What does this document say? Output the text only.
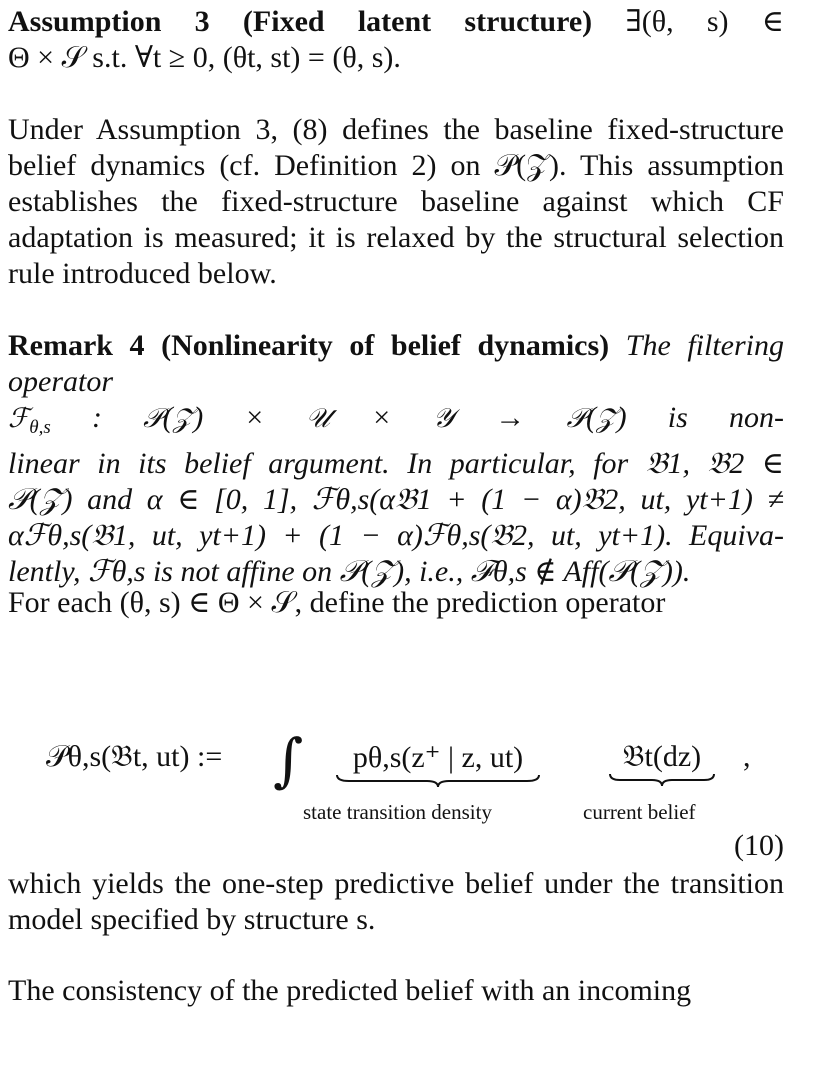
Assumption 3 (Fixed latent structure) ∃(θ, s) ∈

Θ × 𝒮 s.t. ∀t ≥ 0, (θt, st) = (θ, s).

Under Assumption 3, (8) defines the baseline fixed-structure belief dynamics (cf. Definition 2) on 𝒫(𝒵). This assumption establishes the fixed-structure baseline against which CF adaptation is measured; it is relaxed by the structural selection rule introduced below.

Remark 4 (Nonlinearity of belief dynamics) The filtering operator

ℱ$_{\theta,s}$ : 𝒫(𝒵) × 𝒰 × 𝒴 → 𝒫(𝒵) is non-

linear in its belief argument. In particular, for 𝔅1, 𝔅2 ∈

𝒫(𝒵) and α ∈ [0, 1], ℱθ,s(α𝔅1 + (1 − α)𝔅2, ut, yt+1) ≠

αℱθ,s(𝔅1, ut, yt+1) + (1 − α)ℱθ,s(𝔅2, ut, yt+1). Equiva-

lently, ℱθ,s is not affine on 𝒫(𝒵), i.e., ℱθ,s ∉ Aff(𝒫(𝒵)).

For each (θ, s) ∈ Θ × 𝒮, define the prediction operator

𝒫θ,s(𝔅t, ut) := ∫	pθ,s(z⁺ | z, ut)
state transition density
𝔅t(dz)
current belief
,
(10)

which yields the one-step predictive belief under the transition model specified by structure s.

The consistency of the predicted belief with an incoming
